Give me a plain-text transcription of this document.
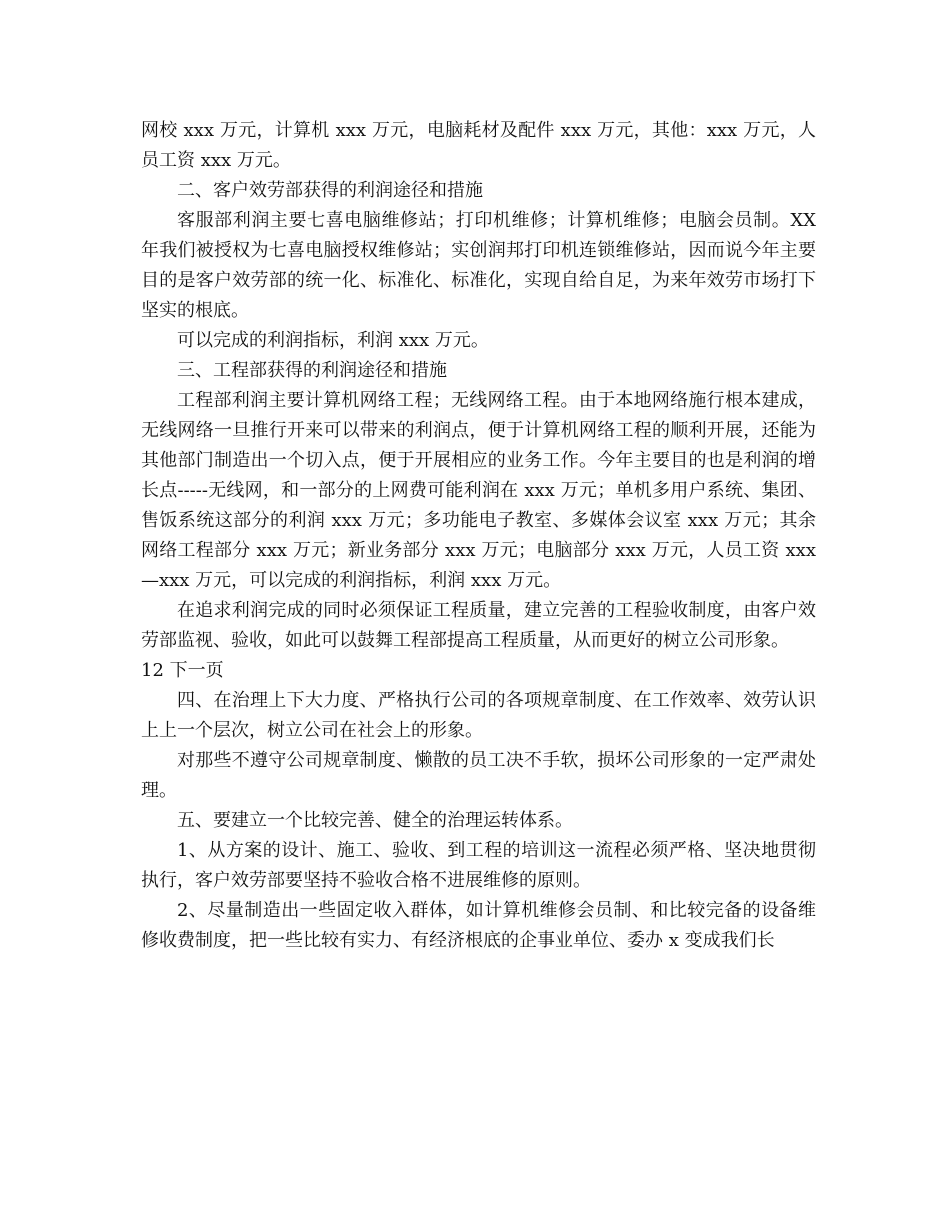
网校 xxx 万元，计算机 xxx 万元，电脑耗材及配件 xxx 万元，其他：xxx 万元，人员工资 xxx 万元。

二、客户效劳部获得的利润途径和措施

客服部利润主要七喜电脑维修站；打印机维修；计算机维修；电脑会员制。XX 年我们被授权为七喜电脑授权维修站；实创润邦打印机连锁维修站，因而说今年主要目的是客户效劳部的统一化、标准化、标准化，实现自给自足，为来年效劳市场打下坚实的根底。

可以完成的利润指标，利润 xxx 万元。

三、工程部获得的利润途径和措施

工程部利润主要计算机网络工程；无线网络工程。由于本地网络施行根本建成，无线网络一旦推行开来可以带来的利润点，便于计算机网络工程的顺利开展，还能为其他部门制造出一个切入点，便于开展相应的业务工作。今年主要目的也是利润的增长点-----无线网，和一部分的上网费可能利润在 xxx 万元；单机多用户系统、集团、售饭系统这部分的利润 xxx 万元；多功能电子教室、多媒体会议室 xxx 万元；其余网络工程部分 xxx 万元；新业务部分 xxx 万元；电脑部分 xxx 万元，人员工资 xxx—xxx 万元，可以完成的利润指标，利润 xxx 万元。

在追求利润完成的同时必须保证工程质量，建立完善的工程验收制度，由客户效劳部监视、验收，如此可以鼓舞工程部提高工程质量，从而更好的树立公司形象。

12 下一页

四、在治理上下大力度、严格执行公司的各项规章制度、在工作效率、效劳认识上上一个层次，树立公司在社会上的形象。

对那些不遵守公司规章制度、懒散的员工决不手软，损坏公司形象的一定严肃处理。

五、要建立一个比较完善、健全的治理运转体系。

1、从方案的设计、施工、验收、到工程的培训这一流程必须严格、坚决地贯彻执行，客户效劳部要坚持不验收合格不进展维修的原则。

2、尽量制造出一些固定收入群体，如计算机维修会员制、和比较完备的设备维修收费制度，把一些比较有实力、有经济根底的企事业单位、委办 x 变成我们长
